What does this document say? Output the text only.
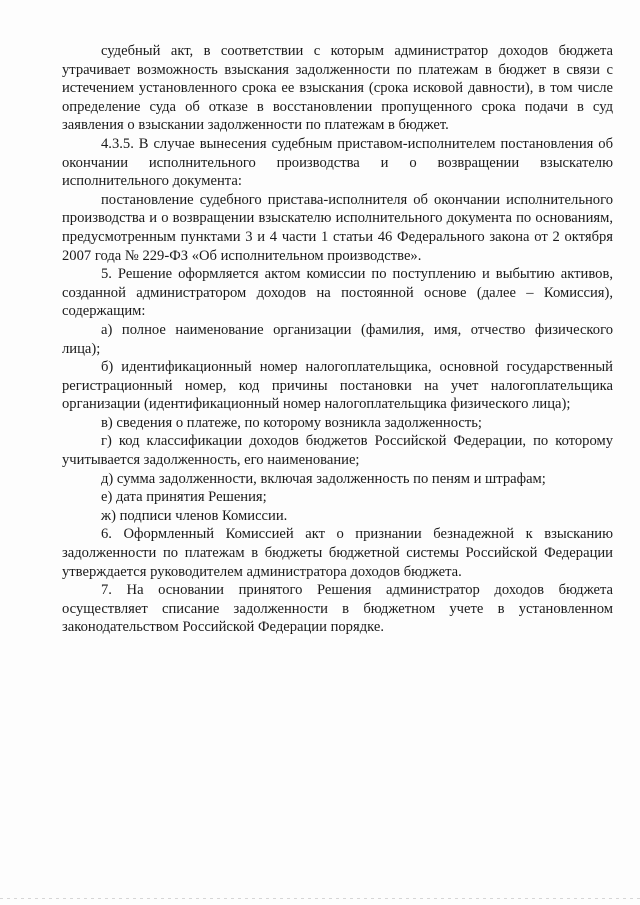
судебный акт, в соответствии с которым администратор доходов бюджета утрачивает возможность взыскания задолженности по платежам в бюджет в связи с истечением установленного срока ее взыскания (срока исковой давности), в том числе определение суда об отказе в восстановлении пропущенного срока подачи в суд заявления о взыскании задолженности по платежам в бюджет.

4.3.5. В случае вынесения судебным приставом-исполнителем постановления об окончании исполнительного производства и о возвращении взыскателю исполнительного документа:

постановление судебного пристава-исполнителя об окончании исполнительного производства и о возвращении взыскателю исполнительного документа по основаниям, предусмотренным пунктами 3 и 4 части 1 статьи 46 Федерального закона от 2 октября 2007 года № 229-ФЗ «Об исполнительном производстве».

5. Решение оформляется актом комиссии по поступлению и выбытию активов, созданной администратором доходов на постоянной основе (далее – Комиссия), содержащим:

а) полное наименование организации (фамилия, имя, отчество физического лица);

б) идентификационный номер налогоплательщика, основной государственный регистрационный номер, код причины постановки на учет налогоплательщика организации (идентификационный номер налогоплательщика физического лица);

в) сведения о платеже, по которому возникла задолженность;

г) код классификации доходов бюджетов Российской Федерации, по которому учитывается задолженность, его наименование;

д) сумма задолженности, включая задолженность по пеням и штрафам;

е) дата принятия Решения;

ж) подписи членов Комиссии.

6. Оформленный Комиссией акт о признании безнадежной к взысканию задолженности по платежам в бюджеты бюджетной системы Российской Федерации утверждается руководителем администратора доходов бюджета.

7. На основании принятого Решения администратор доходов бюджета осуществляет списание задолженности в бюджетном учете в установленном законодательством Российской Федерации порядке.
